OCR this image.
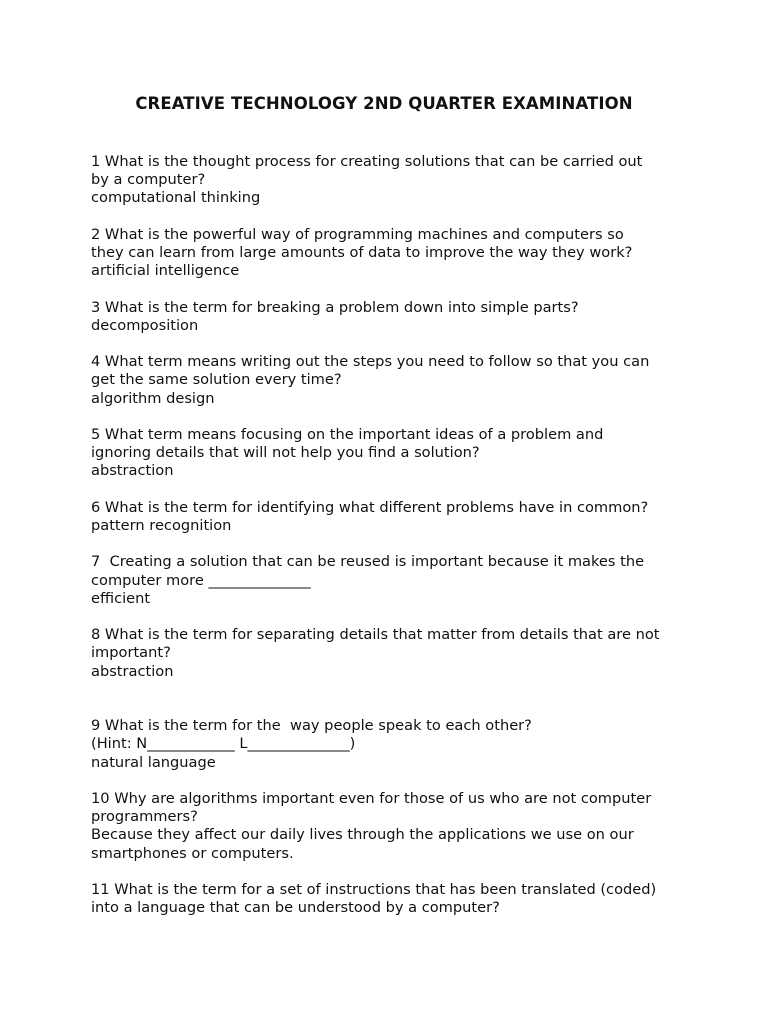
CREATIVE TECHNOLOGY 2ND QUARTER EXAMINATION
1 What is the thought process for creating solutions that can be carried out
by a computer?
computational thinking
2 What is the powerful way of programming machines and computers so
they can learn from large amounts of data to improve the way they work?
artificial intelligence
3 What is the term for breaking a problem down into simple parts?
decomposition
4 What term means writing out the steps you need to follow so that you can
get the same solution every time?
algorithm design
5 What term means focusing on the important ideas of a problem and
ignoring details that will not help you find a solution?
abstraction
6 What is the term for identifying what different problems have in common?
pattern recognition
7  Creating a solution that can be reused is important because it makes the
computer more ______________
efficient
8 What is the term for separating details that matter from details that are not
important?
abstraction
9 What is the term for the  way people speak to each other?
(Hint: N____________ L______________)
natural language
10 Why are algorithms important even for those of us who are not computer
programmers?
Because they affect our daily lives through the applications we use on our
smartphones or computers.
11 What is the term for a set of instructions that has been translated (coded)
into a language that can be understood by a computer?
